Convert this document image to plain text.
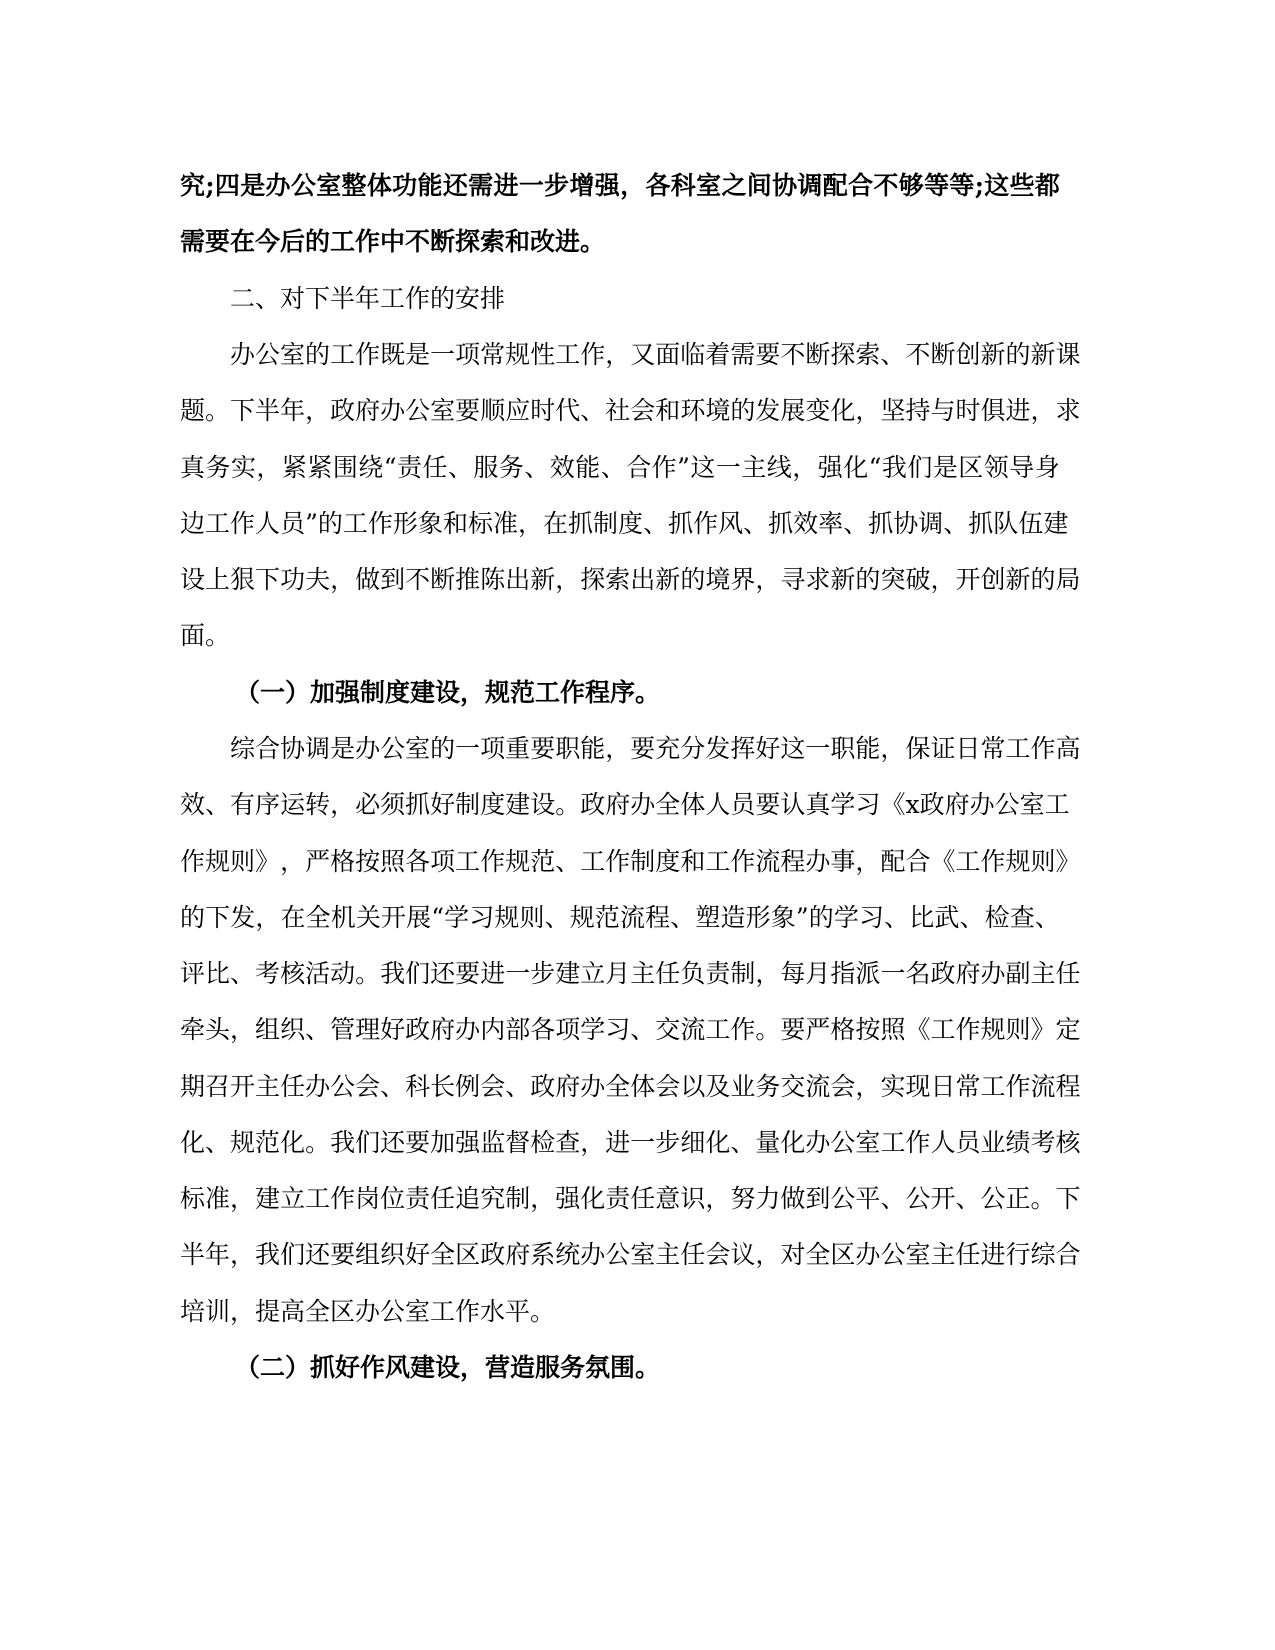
究 ; 四 是 办 公 室 整 体 功 能 还 需 进 一 步 增 强 ， 各 科 室 之 间 协 调 配 合 不 够 等 等 ; 这 些 都
需要在今后的工作中不断探索和改进。
二、对下半年工作的安排
办 公 室 的 工 作 既 是 一 项 常 规 性 工 作 ， 又 面 临 着 需 要 不 断 探 索 、 不 断 创 新 的 新 课
题 。 下 半 年 ， 政 府 办 公 室 要 顺 应 时 代 、 社 会 和 环 境 的 发 展 变 化 ， 坚 持 与 时 俱 进 ， 求
真 务 实 ， 紧 紧 围 绕 “ 责 任 、 服 务 、 效 能 、 合 作 ” 这 一 主 线 ， 强 化 “ 我 们 是 区 领 导 身
边 工 作 人 员 ” 的 工 作 形 象 和 标 准 ， 在 抓 制 度 、 抓 作 风 、 抓 效 率 、 抓 协 调 、 抓 队 伍 建
设 上 狠 下 功 夫 ， 做 到 不 断 推 陈 出 新 ， 探 索 出 新 的 境 界 ， 寻 求 新 的 突 破 ， 开 创 新 的 局
面。
（一）加强制度建设，规范工作程序。
综 合 协 调 是 办 公 室 的 一 项 重 要 职 能 ， 要 充 分 发 挥 好 这 一 职 能 ， 保 证 日 常 工 作 高
效 、 有 序 运 转 ， 必 须 抓 好 制 度 建 设 。 政 府 办 全 体 人 员 要 认 真 学 习 《 x 政 府 办 公 室 工
作 规 则 》 ， 严 格 按 照 各 项 工 作 规 范 、 工 作 制 度 和 工 作 流 程 办 事 ， 配 合 《 工 作 规 则 》
的 下 发 ， 在 全 机 关 开 展 “ 学 习 规 则 、 规 范 流 程 、 塑 造 形 象 ” 的 学 习 、 比 武 、 检 查 、
评 比 、 考 核 活 动 。 我 们 还 要 进 一 步 建 立 月 主 任 负 责 制 ， 每 月 指 派 一 名 政 府 办 副 主 任
牵 头 ， 组 织 、 管 理 好 政 府 办 内 部 各 项 学 习 、 交 流 工 作 。 要 严 格 按 照 《 工 作 规 则 》 定
期 召 开 主 任 办 公 会 、 科 长 例 会 、 政 府 办 全 体 会 以 及 业 务 交 流 会 ， 实 现 日 常 工 作 流 程
化 、 规 范 化 。 我 们 还 要 加 强 监 督 检 查 ， 进 一 步 细 化 、 量 化 办 公 室 工 作 人 员 业 绩 考 核
标 准 ， 建 立 工 作 岗 位 责 任 追 究 制 ， 强 化 责 任 意 识 ， 努 力 做 到 公 平 、 公 开 、 公 正 。 下
半 年 ， 我 们 还 要 组 织 好 全 区 政 府 系 统 办 公 室 主 任 会 议 ， 对 全 区 办 公 室 主 任 进 行 综 合
培训，提高全区办公室工作水平。
（二）抓好作风建设，营造服务氛围。
